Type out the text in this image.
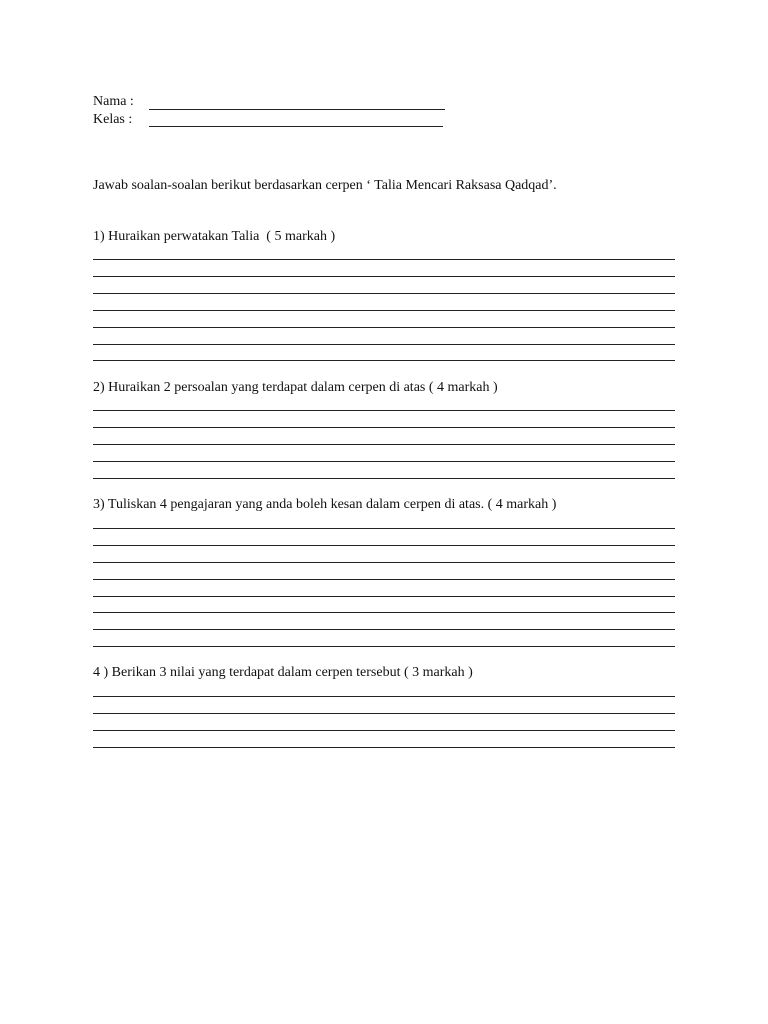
Nama :
Kelas :
Jawab soalan-soalan berikut berdasarkan cerpen ‘ Talia Mencari Raksasa Qadqad’.
1) Huraikan perwatakan Talia  ( 5 markah )
2) Huraikan 2 persoalan yang terdapat dalam cerpen di atas ( 4 markah )
3) Tuliskan 4 pengajaran yang anda boleh kesan dalam cerpen di atas. ( 4 markah )
4 ) Berikan 3 nilai yang terdapat dalam cerpen tersebut ( 3 markah )
